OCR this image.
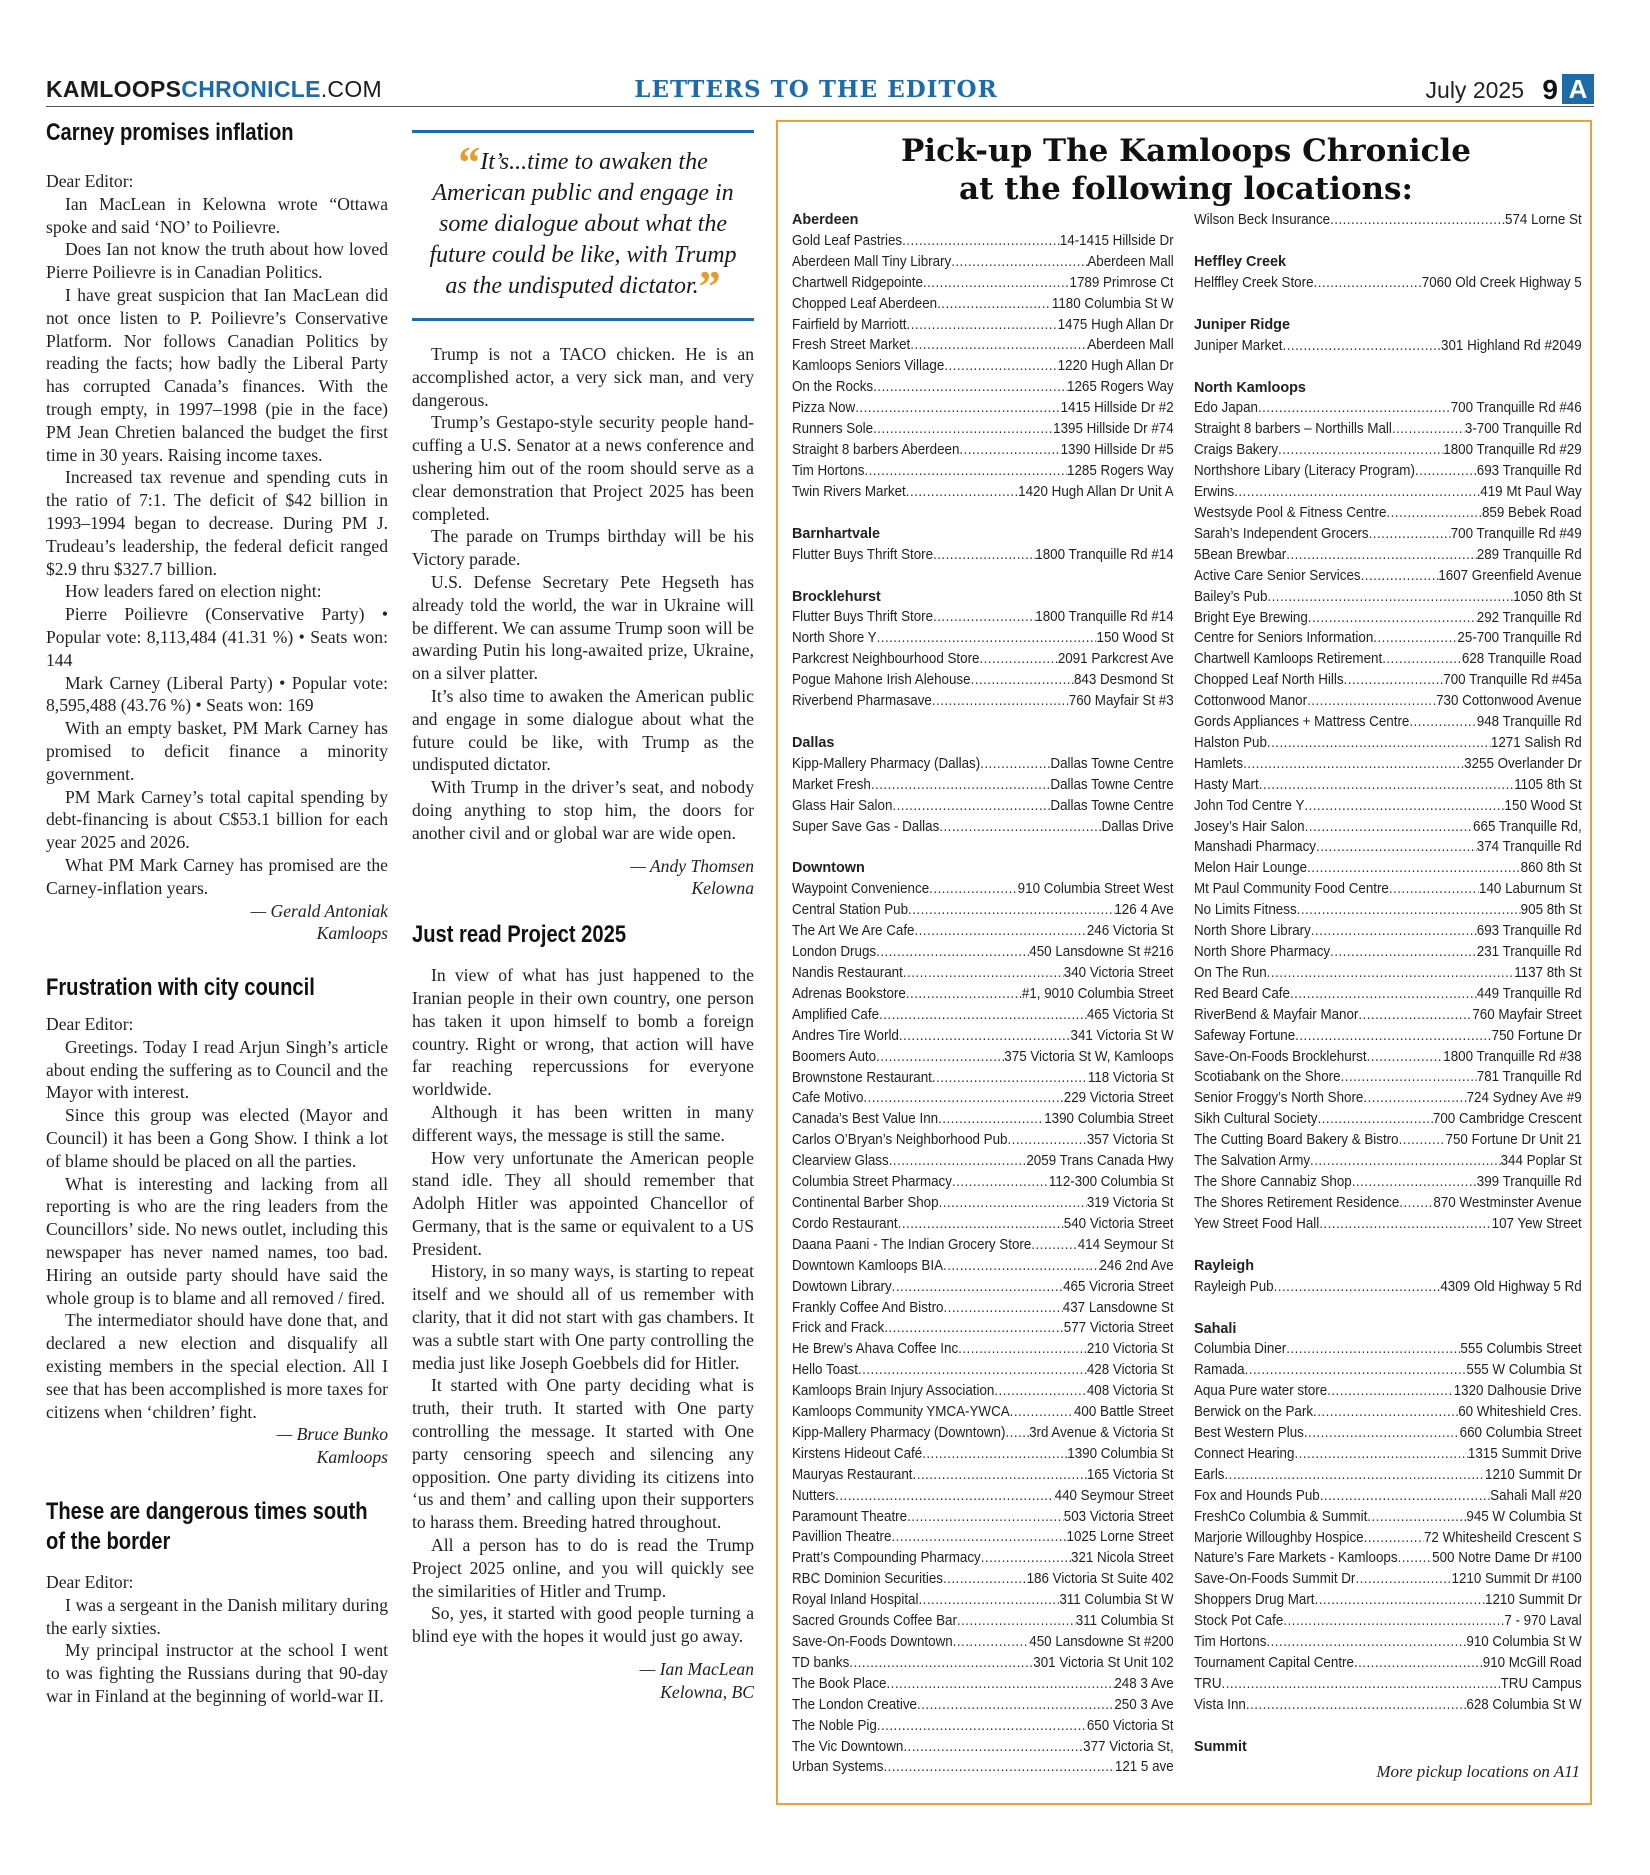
KAMLOOPSCHRONICLE.COM	LETTERS TO THE EDITOR	July 2025 9 A
Carney promises inflation

Dear Editor:

Ian MacLean in Kelowna wrote “Ottawa spoke and said ‘NO’ to Poilievre.

Does Ian not know the truth about how loved Pierre Poilievre is in Canadian Politics.

I have great suspicion that Ian MacLean did not once listen to P. Poilievre’s Conservative Platform. Nor follows Canadian Politics by reading the facts; how badly the Liberal Party has corrupted Canada’s finances. With the trough empty, in 1997–1998 (pie in the face) PM Jean Chretien balanced the budget the first time in 30 years. Raising income taxes.

Increased tax revenue and spending cuts in the ratio of 7:1. The deficit of $42 billion in 1993–1994 began to decrease. During PM J. Trudeau’s leadership, the federal deficit ranged $2.9 thru $327.7 billion.

How leaders fared on election night:

Pierre Poilievre (Conservative Party) • Popular vote: 8,113,484 (41.31 %) • Seats won: 144

Mark Carney (Liberal Party) • Popular vote: 8,595,488 (43.76 %) • Seats won: 169

With an empty basket, PM Mark Carney has promised to deficit finance a minority government.

PM Mark Carney’s total capital spending by debt-financing is about C$53.1 billion for each year 2025 and 2026.

What PM Mark Carney has promised are the Carney-inflation years.

— Gerald Antoniak
Kamloops
Frustration with city council

Dear Editor:

Greetings. Today I read Arjun Singh’s article about ending the suffering as to Council and the Mayor with interest.

Since this group was elected (Mayor and Council) it has been a Gong Show. I think a lot of blame should be placed on all the parties.

What is interesting and lacking from all reporting is who are the ring leaders from the Councillors’ side. No news outlet, including this newspaper has never named names, too bad. Hiring an outside party should have said the whole group is to blame and all removed / fired.

The intermediator should have done that, and declared a new election and disqualify all existing members in the special election. All I see that has been accomplished is more taxes for citizens when ‘children’ fight.

— Bruce Bunko
Kamloops
These are dangerous times south of the border

Dear Editor:

I was a sergeant in the Danish military during the early sixties.

My principal instructor at the school I went to was fighting the Russians during that 90-day war in Finland at the beginning of world-war II.

“It’s...time to awaken the American public and engage in some dialogue about what the future could be like, with Trump as the undisputed dictator.”

Trump is not a TACO chicken. He is an accomplished actor, a very sick man, and very dangerous.

Trump’s Gestapo-style security people hand-cuffing a U.S. Senator at a news conference and ushering him out of the room should serve as a clear demonstration that Project 2025 has been completed.

The parade on Trumps birthday will be his Victory parade.

U.S. Defense Secretary Pete Hegseth has already told the world, the war in Ukraine will be different. We can assume Trump soon will be awarding Putin his long-awaited prize, Ukraine, on a silver platter.

It’s also time to awaken the American public and engage in some dialogue about what the future could be like, with Trump as the undisputed dictator.

With Trump in the driver’s seat, and nobody doing anything to stop him, the doors for another civil and or global war are wide open.

— Andy Thomsen
Kelowna
Just read Project 2025

In view of what has just happened to the Iranian people in their own country, one person has taken it upon himself to bomb a foreign country. Right or wrong, that action will have far reaching repercussions for everyone worldwide.

Although it has been written in many different ways, the message is still the same.

How very unfortunate the American people stand idle. They all should remember that Adolph Hitler was appointed Chancellor of Germany, that is the same or equivalent to a US President.

History, in so many ways, is starting to repeat itself and we should all of us remember with clarity, that it did not start with gas chambers. It was a subtle start with One party controlling the media just like Joseph Goebbels did for Hitler.

It started with One party deciding what is truth, their truth. It started with One party controlling the message. It started with One party censoring speech and silencing any opposition. One party dividing its citizens into ‘us and them’ and calling upon their supporters to harass them. Breeding hatred throughout.

All a person has to do is read the Trump Project 2025 online, and you will quickly see the similarities of Hitler and Trump.

So, yes, it started with good people turning a blind eye with the hopes it would just go away.

— Ian MacLean
Kelowna, BC
Pick-up The Kamloops Chronicle
at the following locations:
Aberdeen
Gold Leaf Pastries .....	14-1415 Hillside Dr
Aberdeen Mall Tiny Library .....	Aberdeen Mall
Chartwell Ridgepointe .....	1789 Primrose Ct
Chopped Leaf Aberdeen .....	1180 Columbia St W
Fairfield by Marriott .....	1475 Hugh Allan Dr
Fresh Street Market .....	Aberdeen Mall
Kamloops Seniors Village .....	1220 Hugh Allan Dr
On the Rocks .....	1265 Rogers Way
Pizza Now .....	1415 Hillside Dr #2
Runners Sole .....	1395 Hillside Dr #74
Straight 8 barbers Aberdeen .....	1390 Hillside Dr #5
Tim Hortons .....	1285 Rogers Way
Twin Rivers Market .....	1420 Hugh Allan Dr Unit A
Barnhartvale
Flutter Buys Thrift Store .....	1800 Tranquille Rd #14
Brocklehurst
Flutter Buys Thrift Store .....	1800 Tranquille Rd #14
North Shore Y .....	150 Wood St
Parkcrest Neighbourhood Store .....	2091 Parkcrest Ave
Pogue Mahone Irish Alehouse .....	843 Desmond St
Riverbend Pharmasave .....	760 Mayfair St #3
Dallas
Kipp-Mallery Pharmacy (Dallas) .....	Dallas Towne Centre
Market Fresh .....	Dallas Towne Centre
Glass Hair Salon .....	Dallas Towne Centre
Super Save Gas - Dallas .....	Dallas Drive
Downtown
Waypoint Convenience .....	910 Columbia Street West
Central Station Pub .....	126 4 Ave
The Art We Are Cafe .....	246 Victoria St
London Drugs .....	450 Lansdowne St #216
Nandis Restaurant .....	340 Victoria Street
Adrenas Bookstore .....	#1, 9010 Columbia Street
Amplified Cafe .....	465 Victoria St
Andres Tire World .....	341 Victoria St W
Boomers Auto .....	375 Victoria St W, Kamloops
Brownstone Restaurant .....	118 Victoria St
Cafe Motivo .....	229 Victoria Street
Canada’s Best Value Inn .....	1390 Columbia Street
Carlos O’Bryan’s Neighborhood Pub .....	357 Victoria St
Clearview Glass .....	2059 Trans Canada Hwy
Columbia Street Pharmacy .....	112-300 Columbia St
Continental Barber Shop .....	319 Victoria St
Cordo Restaurant .....	540 Victoria Street
Daana Paani - The Indian Grocery Store .....	414 Seymour St
Downtown Kamloops BIA .....	246 2nd Ave
Dowtown Library .....	465 Vicroria Street
Frankly Coffee And Bistro .....	437 Lansdowne St
Frick and Frack .....	577 Victoria Street
He Brew’s Ahava Coffee Inc .....	210 Victoria St
Hello Toast .....	428 Victoria St
Kamloops Brain Injury Association .....	408 Victoria St
Kamloops Community YMCA-YWCA .....	400 Battle Street
Kipp-Mallery Pharmacy (Downtown) ..... 3rd Avenue & Victoria St
Kirstens Hideout Café .....	1390 Columbia St
Mauryas Restaurant .....	165 Victoria St
Nutters .....	440 Seymour Street
Paramount Theatre .....	503 Victoria Street
Pavillion Theatre .....	1025 Lorne Street
Pratt’s Compounding Pharmacy .....	321 Nicola Street
RBC Dominion Securities .....	186 Victoria St Suite 402
Royal Inland Hospital .....	311 Columbia St W
Sacred Grounds Coffee Bar .....	311 Columbia St
Save-On-Foods Downtown .....	450 Lansdowne St #200
TD banks .....	301 Victoria St Unit 102
The Book Place .....	248 3 Ave
The London Creative .....	250 3 Ave
The Noble Pig .....	650 Victoria St
The Vic Downtown .....	377 Victoria St,
Urban Systems .....	121 5 ave
Wilson Beck Insurance .....	574 Lorne St
Heffley Creek
Helffley Creek Store .....	7060 Old Creek Highway 5
Juniper Ridge
Juniper Market .....	301 Highland Rd #2049
North Kamloops
Edo Japan .....	700 Tranquille Rd #46
Straight 8 barbers – Northills Mall .....	3-700 Tranquille Rd
Craigs Bakery .....	1800 Tranquille Rd #29
Northshore Libary (Literacy Program) .....	693 Tranquille Rd
Erwins .....	419 Mt Paul Way
Westsyde Pool & Fitness Centre .....	859 Bebek Road
Sarah’s Independent Grocers .....	700 Tranquille Rd #49
5Bean Brewbar .....	289 Tranquille Rd
Active Care Senior Services .....	1607 Greenfield Avenue
Bailey’s Pub .....	1050 8th St
Bright Eye Brewing .....	292 Tranquille Rd
Centre for Seniors Information .....	25-700 Tranquille Rd
Chartwell Kamloops Retirement .....	628 Tranquille Road
Chopped Leaf North Hills .....	700 Tranquille Rd #45a
Cottonwood Manor .....	730 Cottonwood Avenue
Gords Appliances + Mattress Centre .....	948 Tranquille Rd
Halston Pub .....	1271 Salish Rd
Hamlets .....	3255 Overlander Dr
Hasty Mart .....	1105 8th St
John Tod Centre Y .....	150 Wood St
Josey’s Hair Salon .....	665 Tranquille Rd,
Manshadi Pharmacy .....	374 Tranquille Rd
Melon Hair Lounge .....	860 8th St
Mt Paul Community Food Centre .....	140 Laburnum St
No Limits Fitness .....	905 8th St
North Shore Library .....	693 Tranquille Rd
North Shore Pharmacy .....	231 Tranquille Rd
On The Run .....	1137 8th St
Red Beard Cafe .....	449 Tranquille Rd
RiverBend & Mayfair Manor .....	760 Mayfair Street
Safeway Fortune .....	750 Fortune Dr
Save-On-Foods Brocklehurst .....	1800 Tranquille Rd #38
Scotiabank on the Shore .....	781 Tranquille Rd
Senior Froggy’s North Shore .....	724 Sydney Ave #9
Sikh Cultural Society .....	700 Cambridge Crescent
The Cutting Board Bakery & Bistro .....	750 Fortune Dr Unit 21
The Salvation Army .....	344 Poplar St
The Shore Cannabiz Shop .....	399 Tranquille Rd
The Shores Retirement Residence ..... 870 Westminster Avenue
Yew Street Food Hall .....	107 Yew Street
Rayleigh
Rayleigh Pub .....	4309 Old Highway 5 Rd
Sahali
Columbia Diner .....	555 Columbis Street
Ramada .....	555 W Columbia St
Aqua Pure water store .....	1320 Dalhousie Drive
Berwick on the Park .....	60 Whiteshield Cres.
Best Western Plus .....	660 Columbia Street
Connect Hearing .....	1315 Summit Drive
Earls .....	1210 Summit Dr
Fox and Hounds Pub .....	Sahali Mall #20
FreshCo Columbia & Summit .....	945 W Columbia St
Marjorie Willoughby Hospice .....	72 Whitesheild Crescent S
Nature’s Fare Markets - Kamloops ..... 500 Notre Dame Dr #100
Save-On-Foods Summit Dr .....	1210 Summit Dr #100
Shoppers Drug Mart .....	1210 Summit Dr
Stock Pot Cafe .....	7 - 970 Laval
Tim Hortons .....	910 Columbia St W
Tournament Capital Centre .....	910 McGill Road
TRU .....	TRU Campus
Vista Inn .....	628 Columbia St W
Summit
More pickup locations on A11
